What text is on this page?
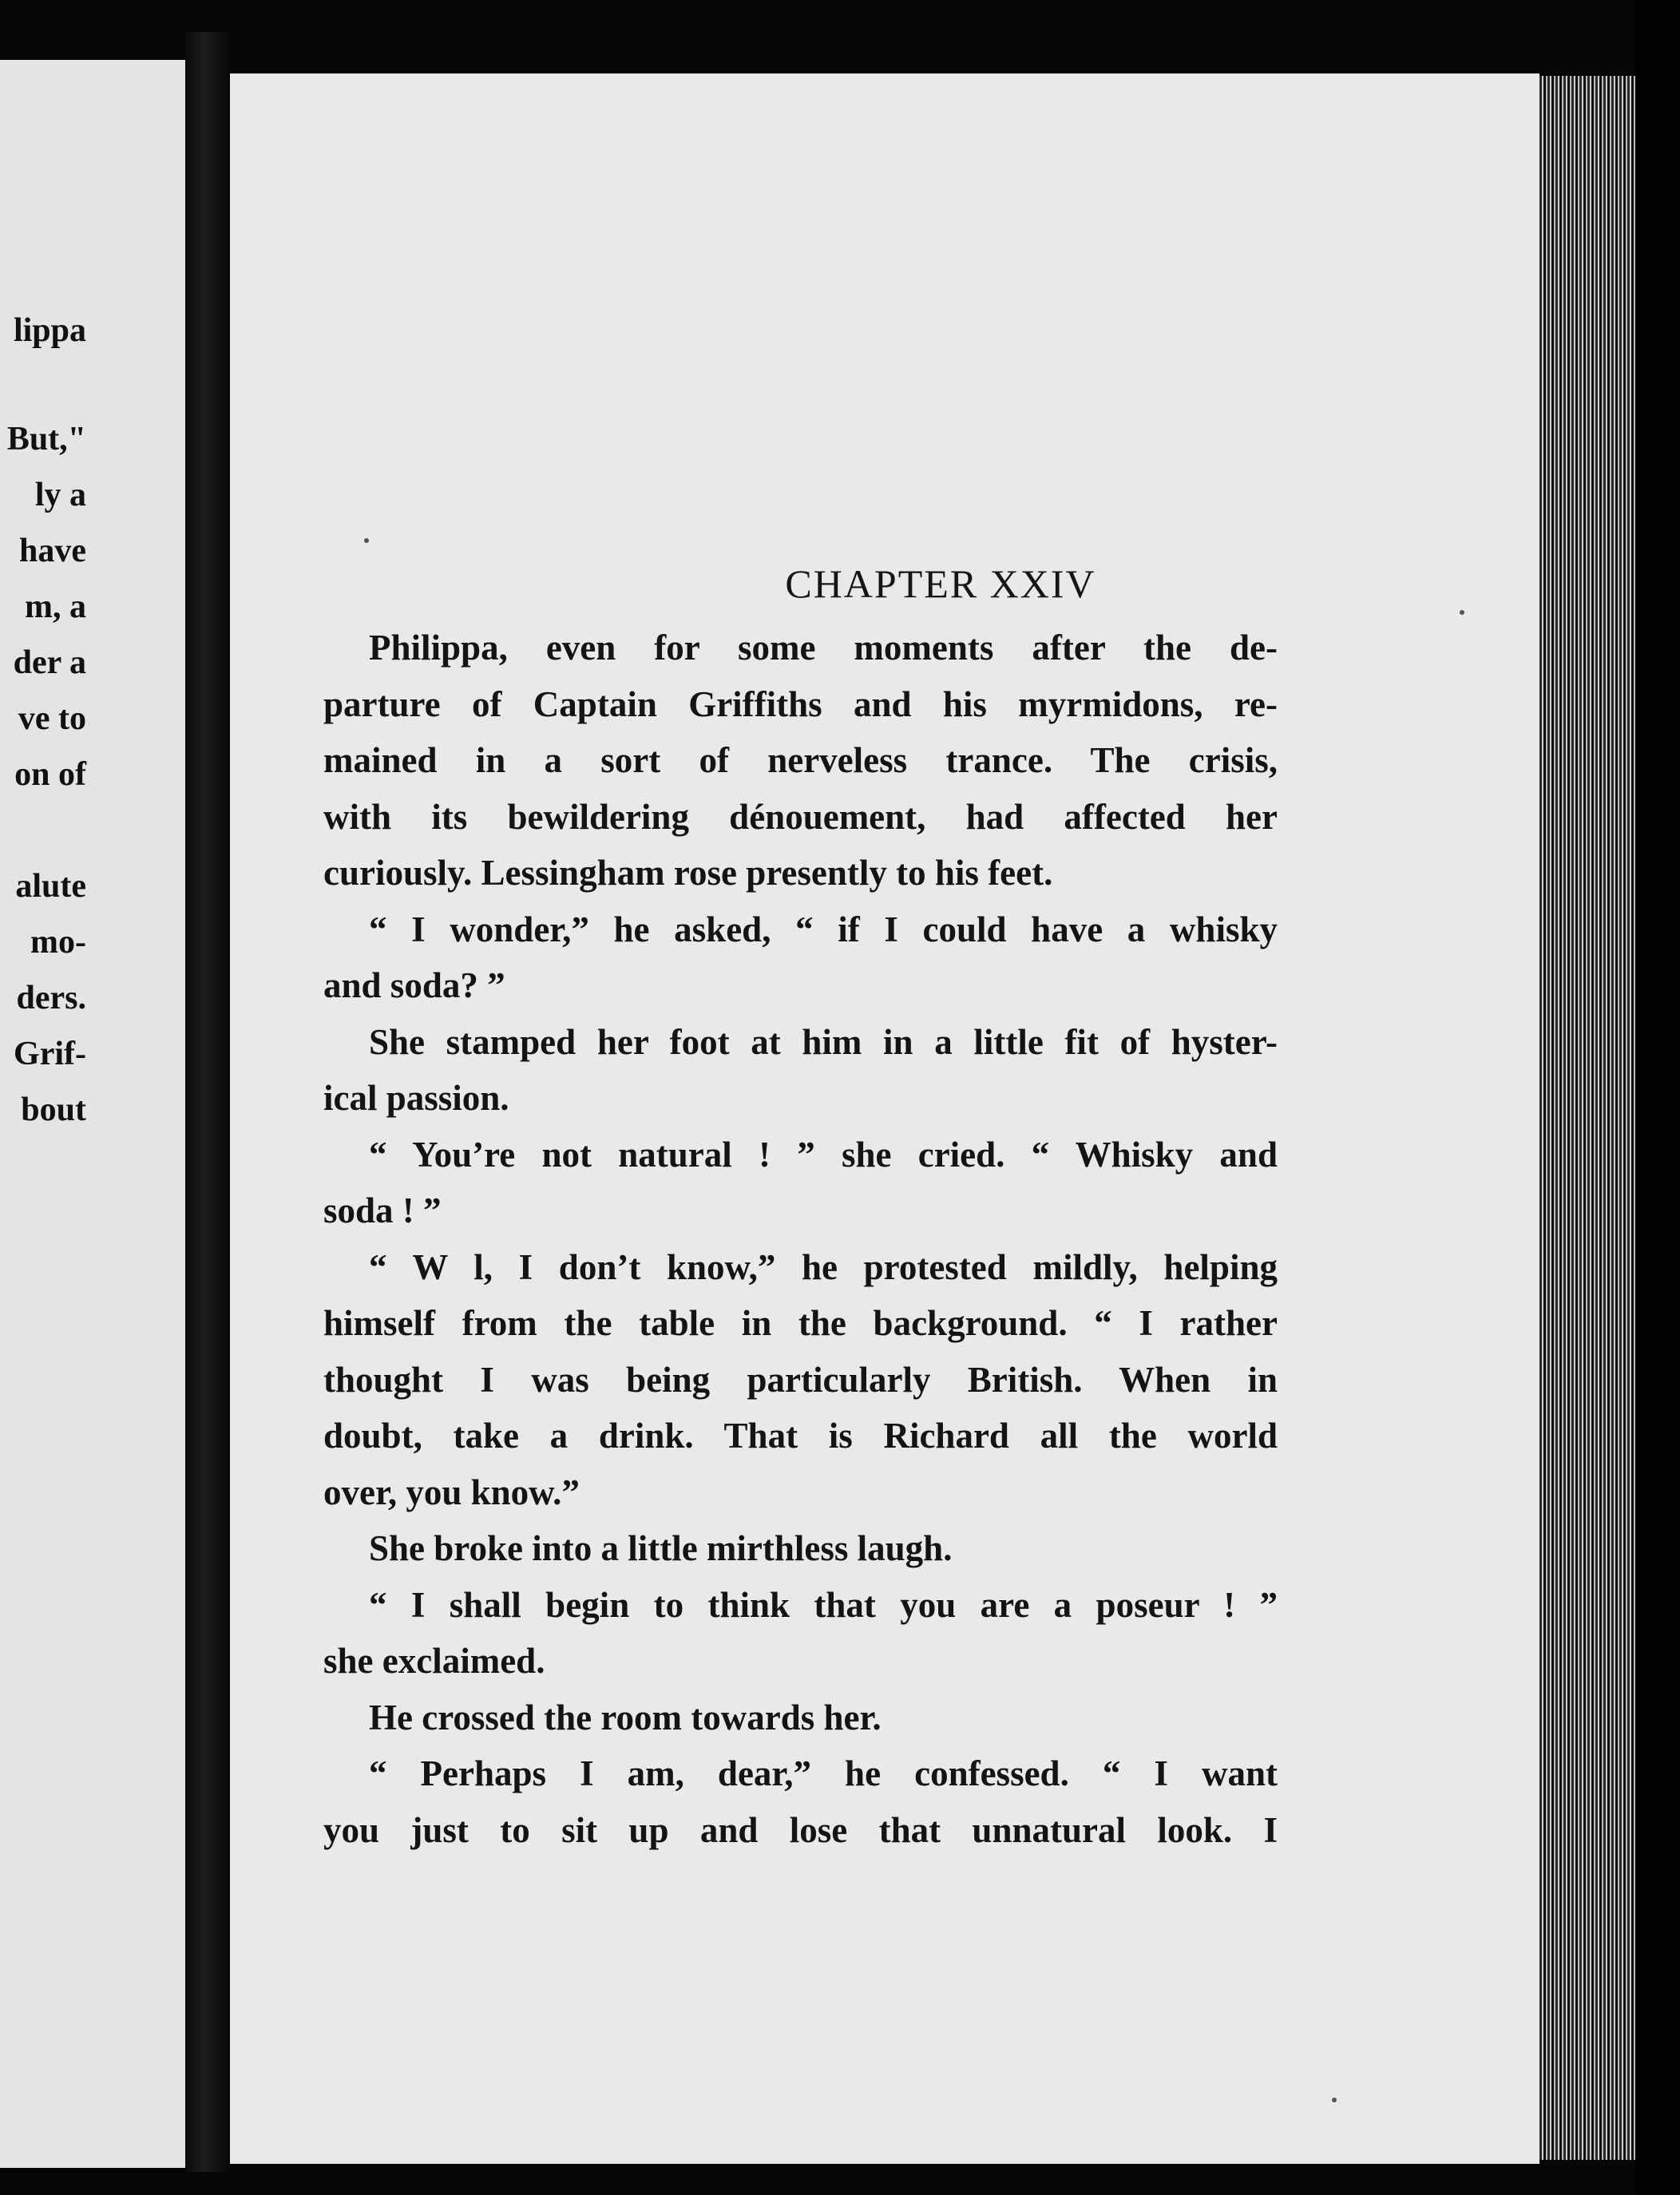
lippa
But,"
ly a
have
m, a
der a
ve to
on of
alute
mo-
ders.
Grif-
bout
CHAPTER XXIV
Philippa, even for some moments after the de-
parture of Captain Griffiths and his myrmidons, re-
mained in a sort of nerveless trance. The crisis,
with its bewildering dénouement, had affected her
curiously. Lessingham rose presently to his feet.
“ I wonder,” he asked, “ if I could have a whisky
and soda? ”
She stamped her foot at him in a little fit of hyster-
ical passion.
“ You’re not natural ! ” she cried. “ Whisky and
soda ! ”
“ W l, I don’t know,” he protested mildly, helping
himself from the table in the background. “ I rather
thought I was being particularly British. When in
doubt, take a drink. That is Richard all the world
over, you know.”
She broke into a little mirthless laugh.
“ I shall begin to think that you are a poseur ! ”
she exclaimed.
He crossed the room towards her.
“ Perhaps I am, dear,” he confessed. “ I want
you just to sit up and lose that unnatural look. I
